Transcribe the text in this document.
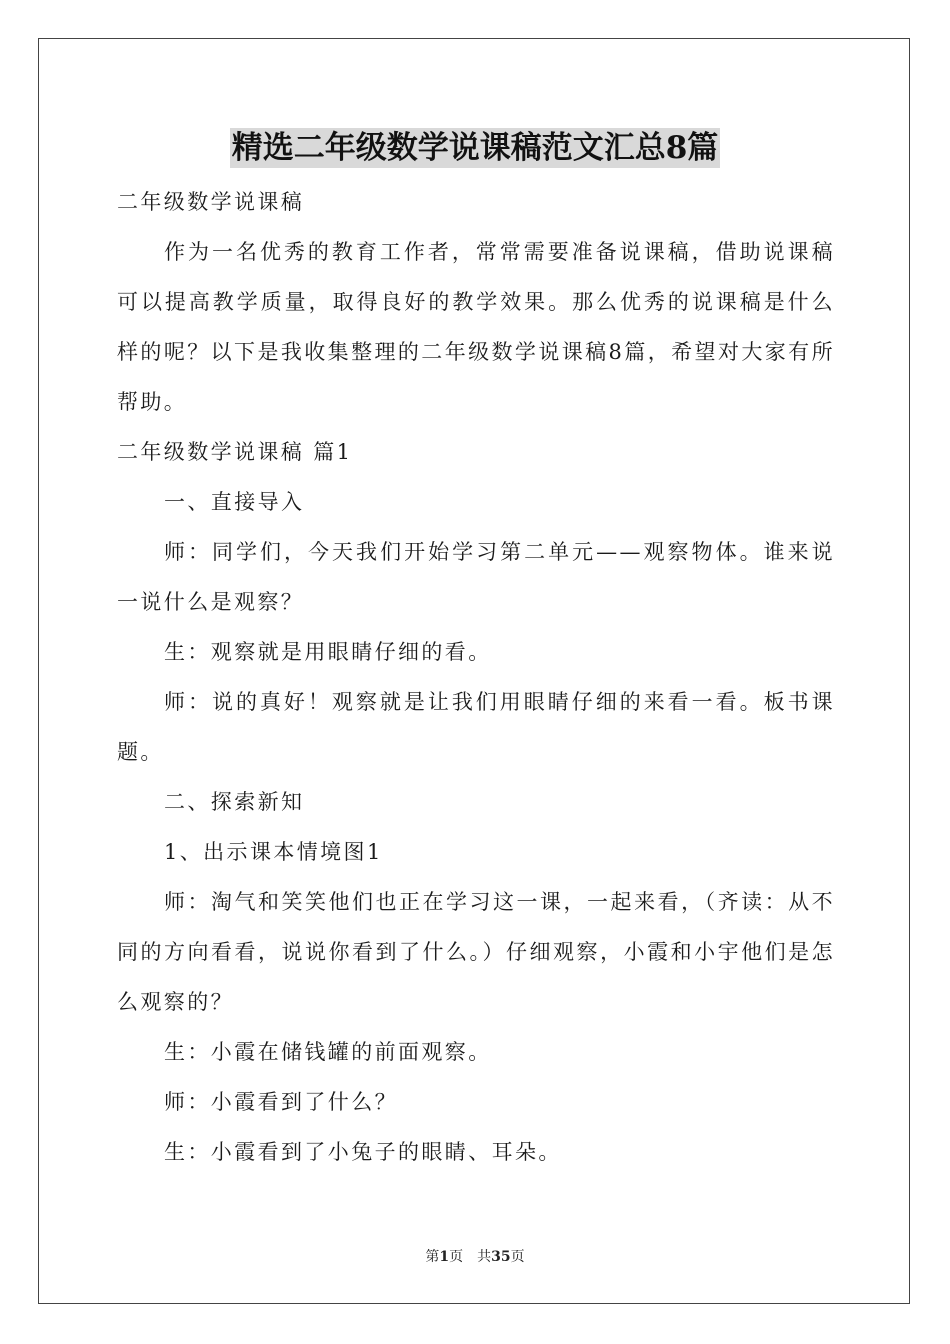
精选二年级数学说课稿范文汇总8篇

二年级数学说课稿

作为一名优秀的教育工作者，常常需要准备说课稿，借助说课稿可以提高教学质量，取得良好的教学效果。那么优秀的说课稿是什么样的呢？以下是我收集整理的二年级数学说课稿8篇，希望对大家有所帮助。

二年级数学说课稿 篇1

一、直接导入

师：同学们，今天我们开始学习第二单元——观察物体。谁来说一说什么是观察？

生：观察就是用眼睛仔细的看。

师：说的真好！观察就是让我们用眼睛仔细的来看一看。板书课题。

二、探索新知

1、出示课本情境图1

师：淘气和笑笑他们也正在学习这一课，一起来看，（齐读：从不同的方向看看，说说你看到了什么。）仔细观察，小霞和小宇他们是怎么观察的？

生：小霞在储钱罐的前面观察。

师：小霞看到了什么？

生：小霞看到了小兔子的眼睛、耳朵。

第1页 共35页
